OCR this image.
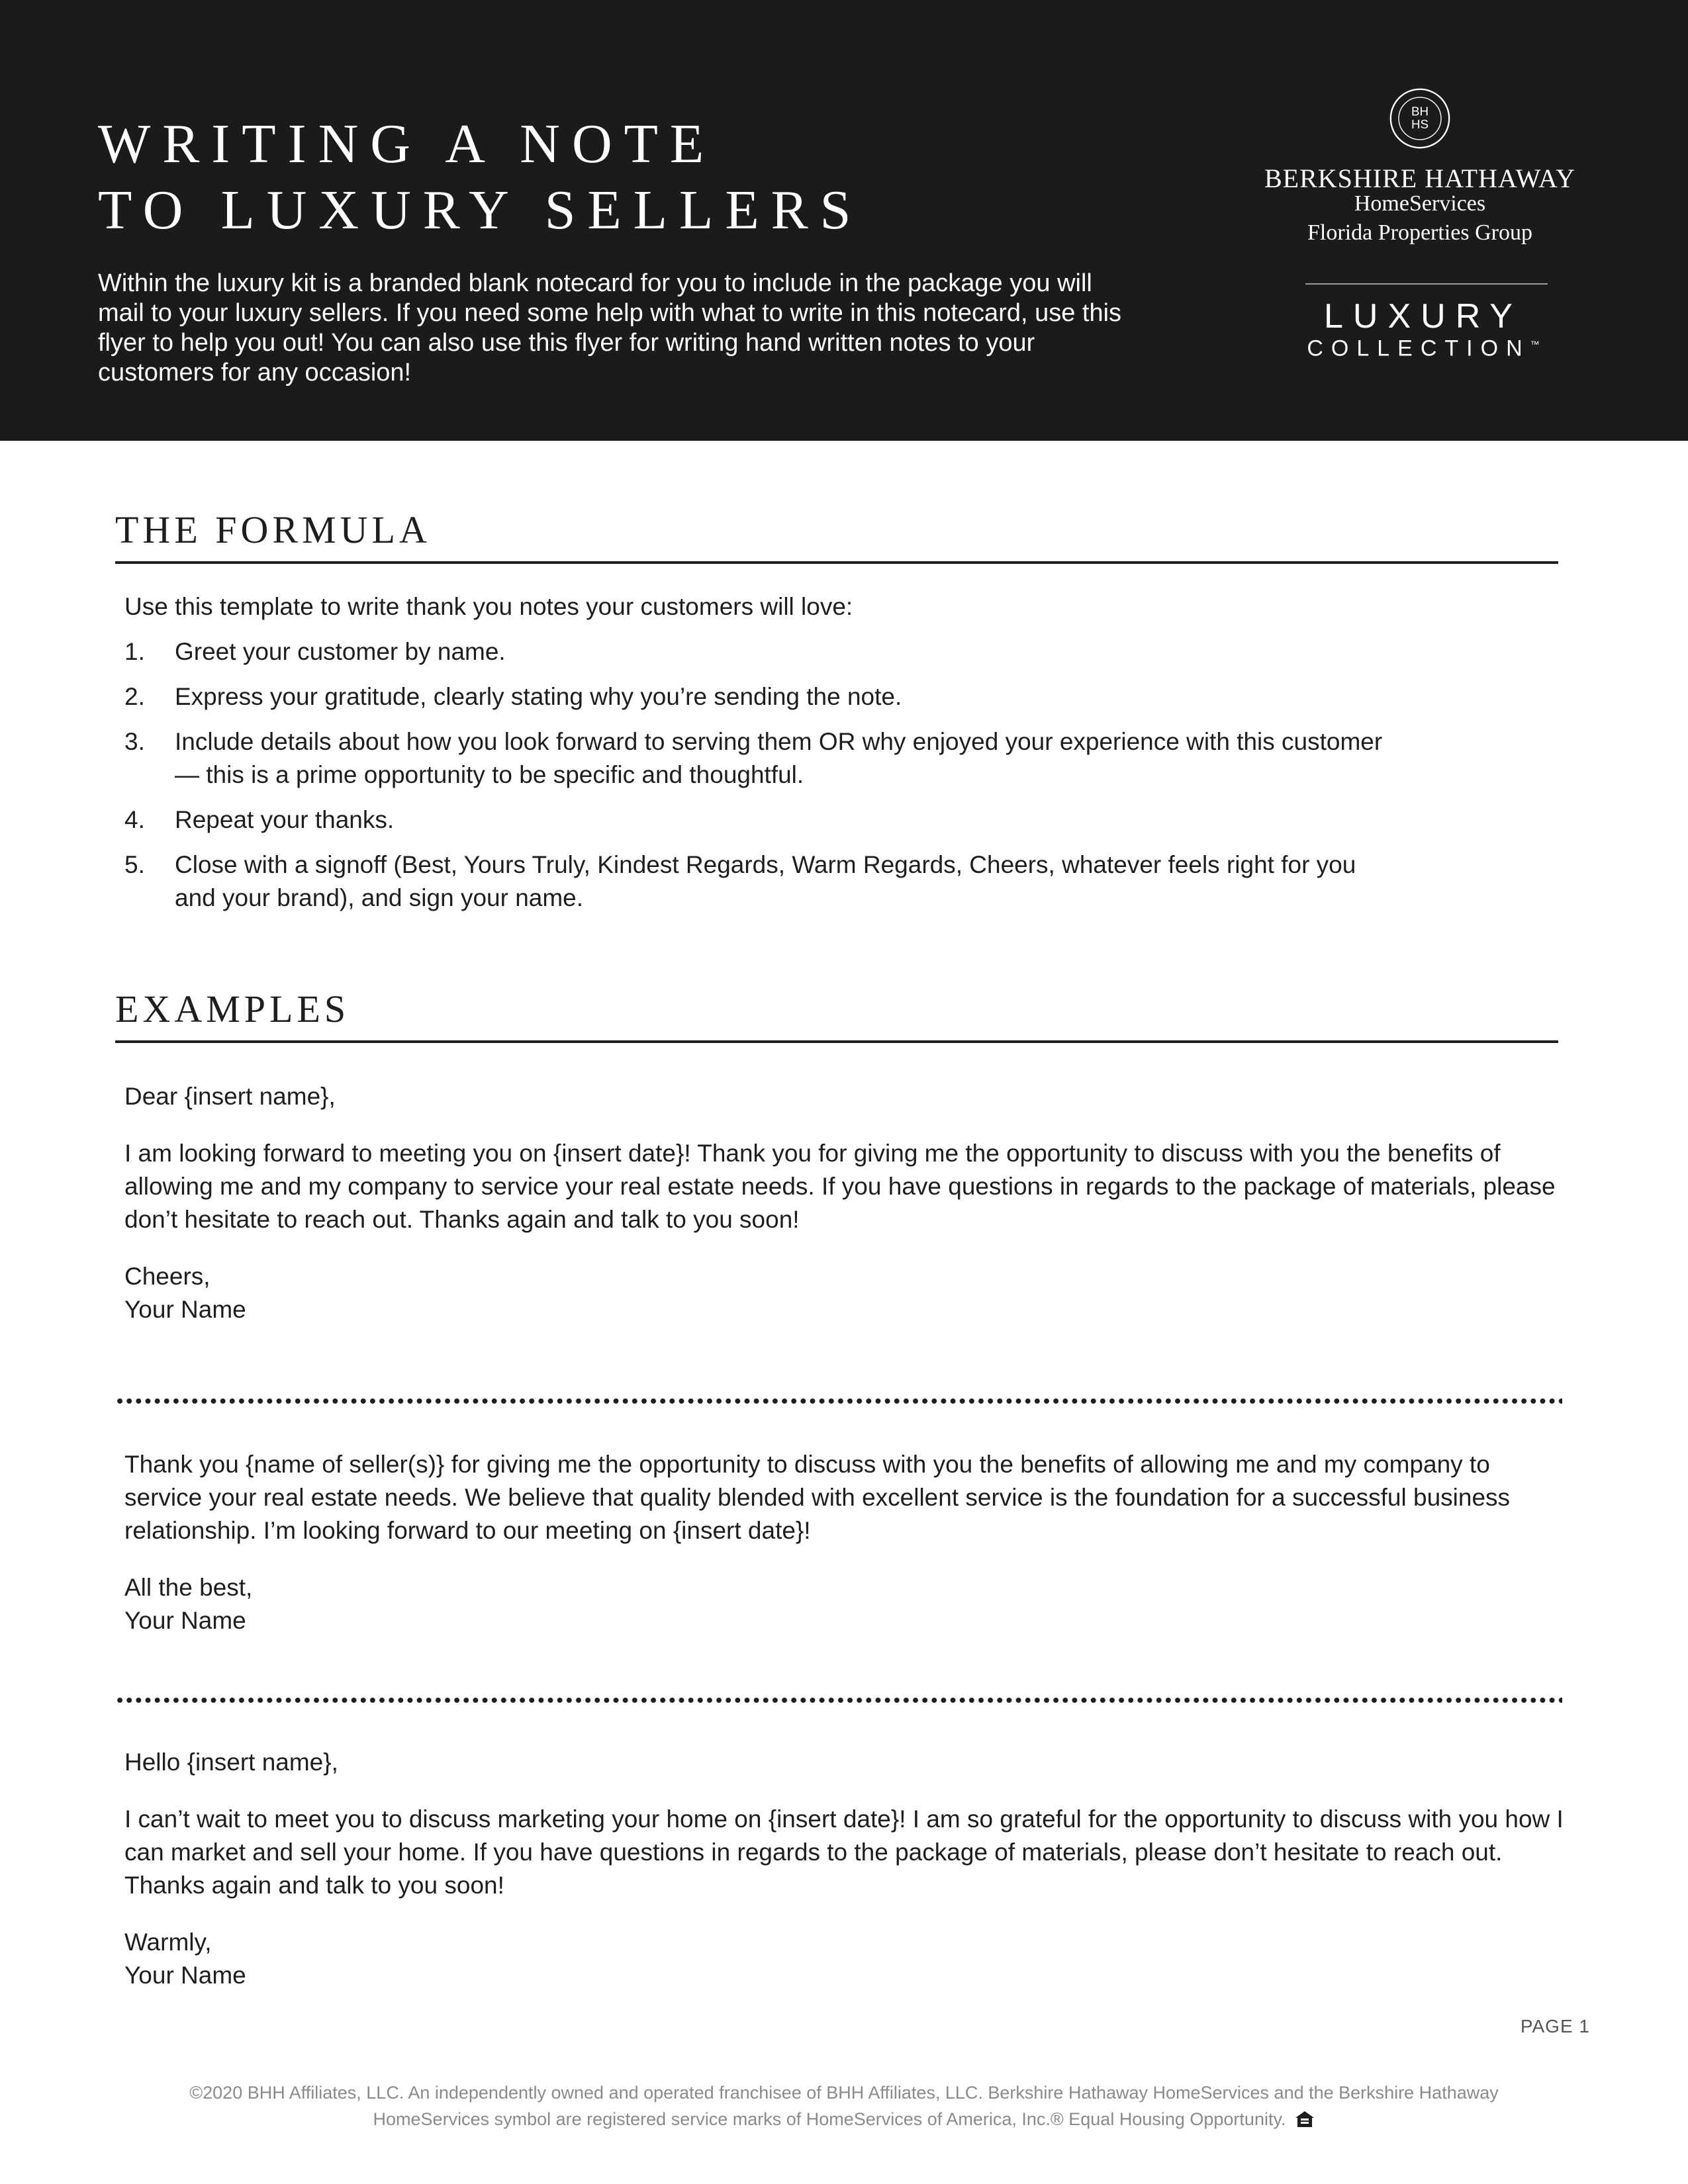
WRITING A NOTE
TO LUXURY SELLERS

Within the luxury kit is a branded blank notecard for you to include in the package you will mail to your luxury sellers. If you need some help with what to write in this notecard, use this flyer to help you out! You can also use this flyer for writing hand written notes to your customers for any occasion!

BH
HS
BERKSHIRE HATHAWAY
HomeServices
Florida Properties Group
LUXURY
COLLECTION™
THE FORMULA

Use this template to write thank you notes your customers will love:

1. Greet your customer by name.
2. Express your gratitude, clearly stating why you’re sending the note.
3. Include details about how you look forward to serving them OR why enjoyed your experience with this customer — this is a prime opportunity to be specific and thoughtful.
4. Repeat your thanks.
5. Close with a signoff (Best, Yours Truly, Kindest Regards, Warm Regards, Cheers, whatever feels right for you and your brand), and sign your name.
EXAMPLES

Dear {insert name},

I am looking forward to meeting you on {insert date}! Thank you for giving me the opportunity to discuss with you the benefits of allowing me and my company to service your real estate needs. If you have questions in regards to the package of materials, please don’t hesitate to reach out. Thanks again and talk to you soon!

Cheers,
Your Name

Thank you {name of seller(s)} for giving me the opportunity to discuss with you the benefits of allowing me and my company to service your real estate needs. We believe that quality blended with excellent service is the foundation for a successful business relationship. I’m looking forward to our meeting on {insert date}!

All the best,
Your Name

Hello {insert name},

I can’t wait to meet you to discuss marketing your home on {insert date}! I am so grateful for the opportunity to discuss with you how I can market and sell your home. If you have questions in regards to the package of materials, please don’t hesitate to reach out. Thanks again and talk to you soon!

Warmly,
Your Name
PAGE 1
©2020 BHH Affiliates, LLC. An independently owned and operated franchisee of BHH Affiliates, LLC. Berkshire Hathaway HomeServices and the Berkshire Hathaway
HomeServices symbol are registered service marks of HomeServices of America, Inc.® Equal Housing Opportunity.
